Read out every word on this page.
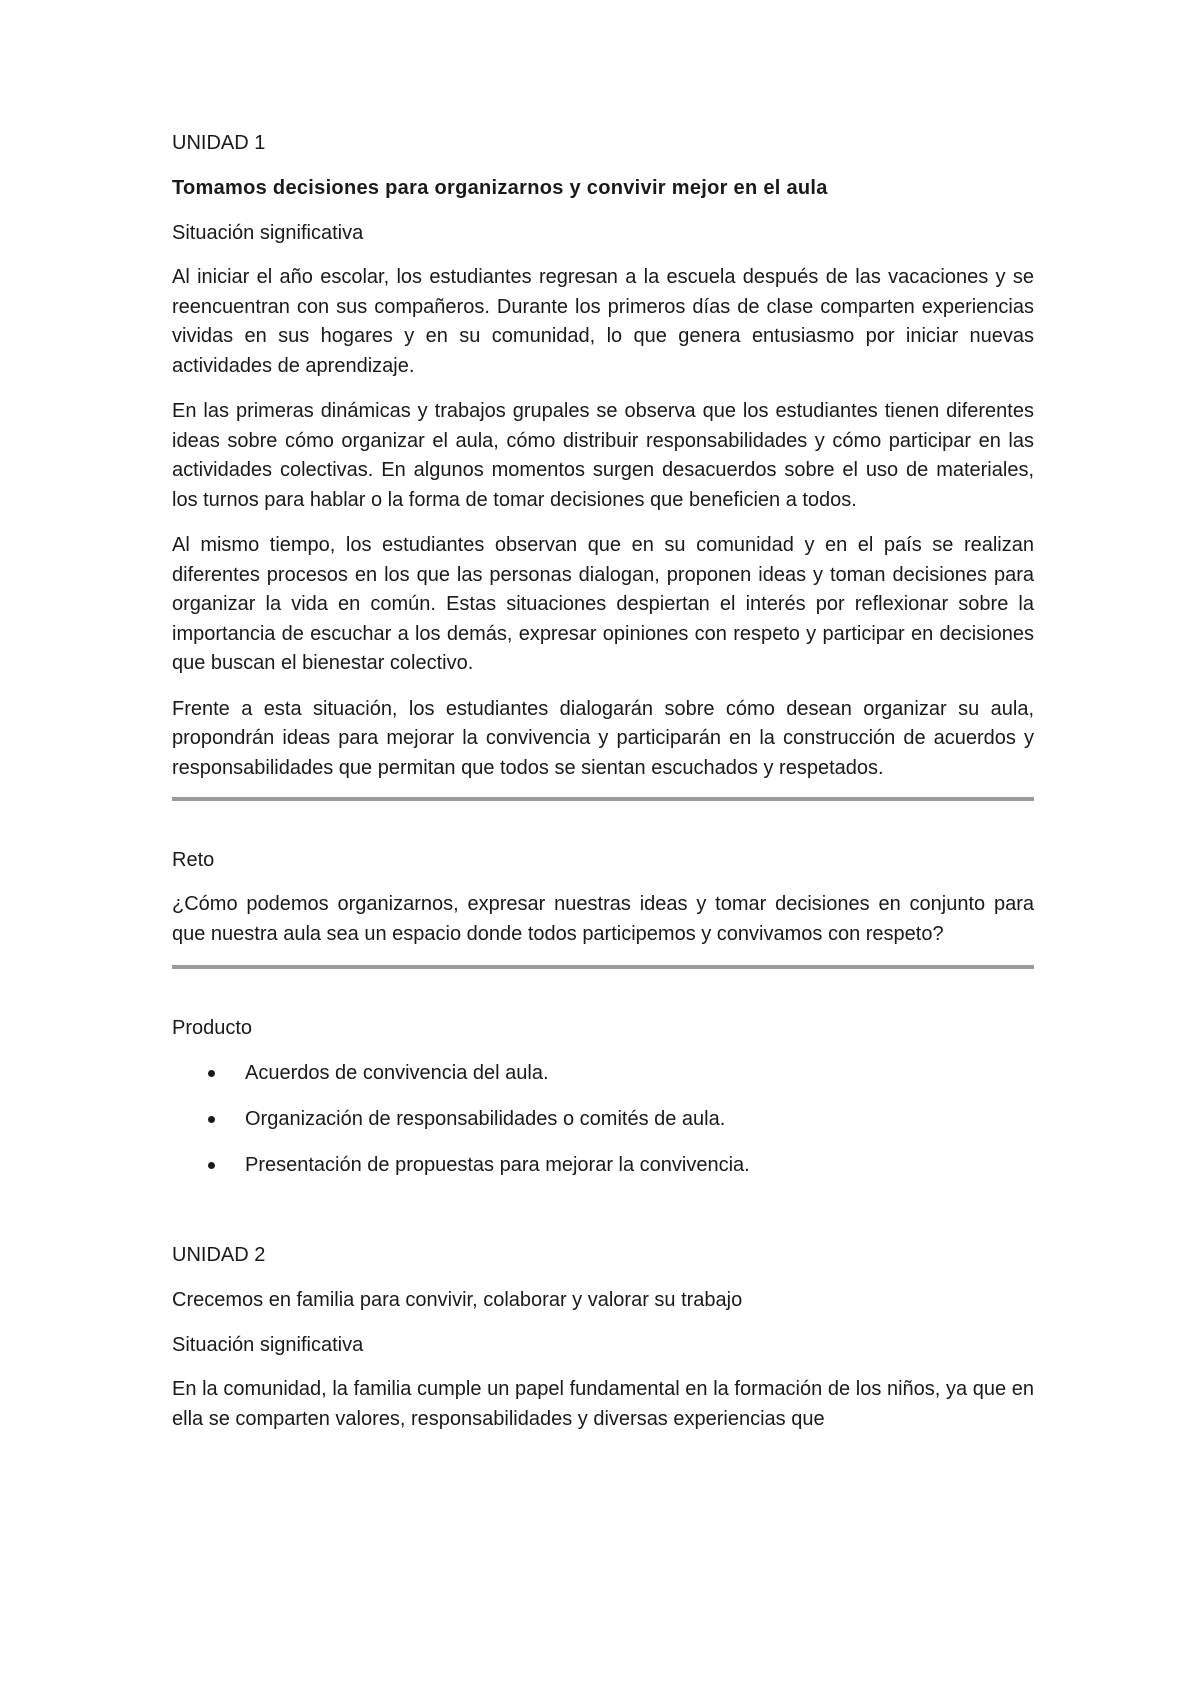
UNIDAD 1
Tomamos decisiones para organizarnos y convivir mejor en el aula
Situación significativa

Al iniciar el año escolar, los estudiantes regresan a la escuela después de las vacaciones y se reencuentran con sus compañeros. Durante los primeros días de clase comparten experiencias vividas en sus hogares y en su comunidad, lo que genera entusiasmo por iniciar nuevas actividades de aprendizaje.

En las primeras dinámicas y trabajos grupales se observa que los estudiantes tienen diferentes ideas sobre cómo organizar el aula, cómo distribuir responsabilidades y cómo participar en las actividades colectivas. En algunos momentos surgen desacuerdos sobre el uso de materiales, los turnos para hablar o la forma de tomar decisiones que beneficien a todos.

Al mismo tiempo, los estudiantes observan que en su comunidad y en el país se realizan diferentes procesos en los que las personas dialogan, proponen ideas y toman decisiones para organizar la vida en común. Estas situaciones despiertan el interés por reflexionar sobre la importancia de escuchar a los demás, expresar opiniones con respeto y participar en decisiones que buscan el bienestar colectivo.

Frente a esta situación, los estudiantes dialogarán sobre cómo desean organizar su aula, propondrán ideas para mejorar la convivencia y participarán en la construcción de acuerdos y responsabilidades que permitan que todos se sientan escuchados y respetados.

Reto

¿Cómo podemos organizarnos, expresar nuestras ideas y tomar decisiones en conjunto para que nuestra aula sea un espacio donde todos participemos y convivamos con respeto?

Producto
Acuerdos de convivencia del aula.
Organización de responsabilidades o comités de aula.
Presentación de propuestas para mejorar la convivencia.
UNIDAD 2
Crecemos en familia para convivir, colaborar y valorar su trabajo
Situación significativa

En la comunidad, la familia cumple un papel fundamental en la formación de los niños, ya que en ella se comparten valores, responsabilidades y diversas experiencias que
